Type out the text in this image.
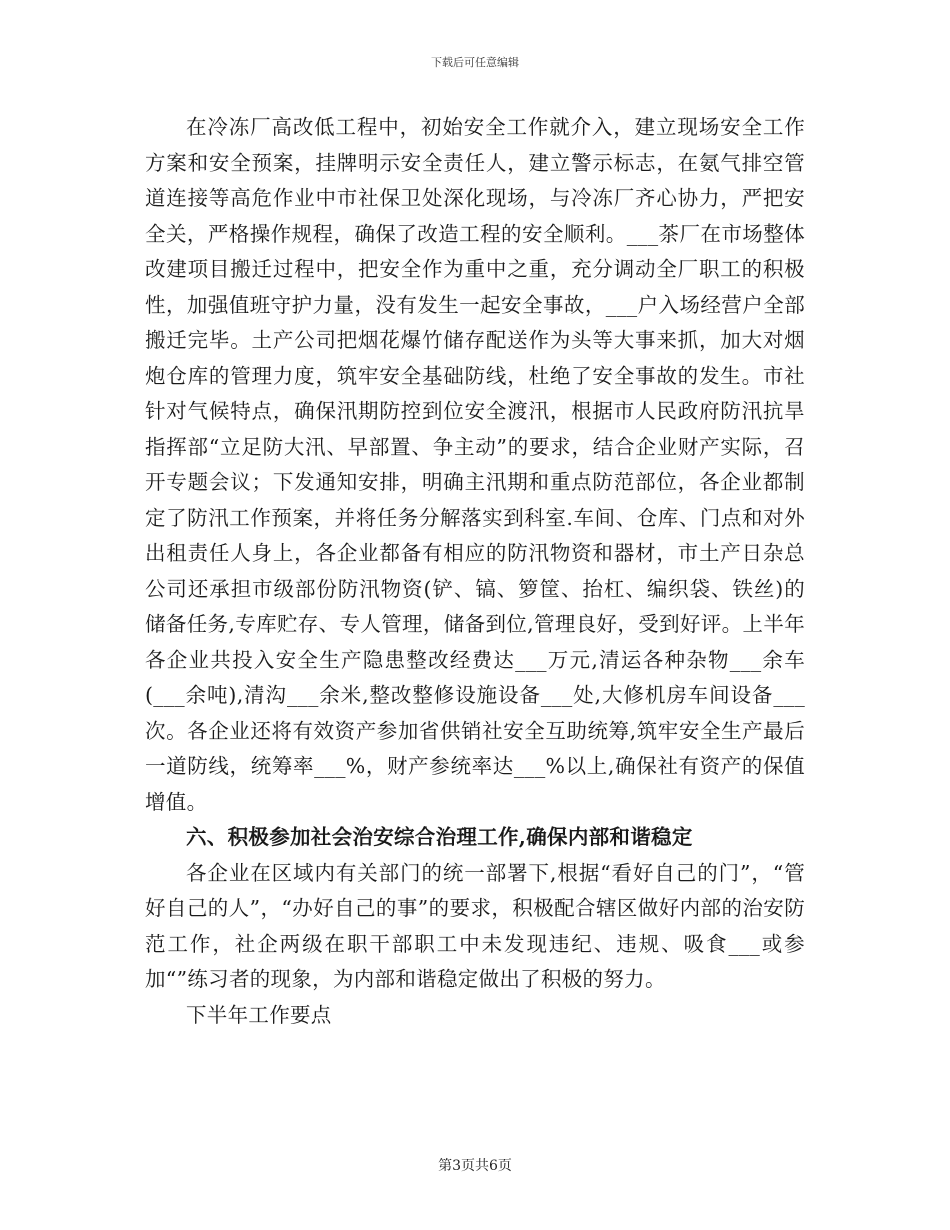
下载后可任意编辑

在冷冻厂高改低工程中，初始安全工作就介入，建立现场安全工作方案和安全预案，挂牌明示安全责任人，建立警示标志，在氨气排空管道连接等高危作业中市社保卫处深化现场，与冷冻厂齐心协力，严把安全关，严格操作规程，确保了改造工程的安全顺利。___茶厂在市场整体改建项目搬迁过程中，把安全作为重中之重，充分调动全厂职工的积极性，加强值班守护力量，没有发生一起安全事故，___户入场经营户全部搬迁完毕。土产公司把烟花爆竹储存配送作为头等大事来抓，加大对烟炮仓库的管理力度，筑牢安全基础防线，杜绝了安全事故的发生。市社针对气候特点，确保汛期防控到位安全渡汛，根据市人民政府防汛抗旱指挥部“立足防大汛、早部置、争主动”的要求，结合企业财产实际，召开专题会议；下发通知安排，明确主汛期和重点防范部位，各企业都制定了防汛工作预案，并将任务分解落实到科室.车间、仓库、门点和对外出租责任人身上，各企业都备有相应的防汛物资和器材，市土产日杂总公司还承担市级部份防汛物资(铲、镐、箩筐、抬杠、编织袋、铁丝)的储备任务,专库贮存、专人管理，储备到位,管理良好，受到好评。上半年各企业共投入安全生产隐患整改经费达___万元,清运各种杂物___余车(___余吨),清沟___余米,整改整修设施设备___处,大修机房车间设备___次。各企业还将有效资产参加省供销社安全互助统筹,筑牢安全生产最后一道防线，统筹率___%，财产参统率达___%以上,确保社有资产的保值增值。

六、积极参加社会治安综合治理工作,确保内部和谐稳定

各企业在区域内有关部门的统一部署下,根据“看好自己的门”，“管好自己的人”，“办好自己的事”的要求，积极配合辖区做好内部的治安防范工作，社企两级在职干部职工中未发现违纪、违规、吸食___或参加“”练习者的现象，为内部和谐稳定做出了积极的努力。

下半年工作要点

第3页共6页
